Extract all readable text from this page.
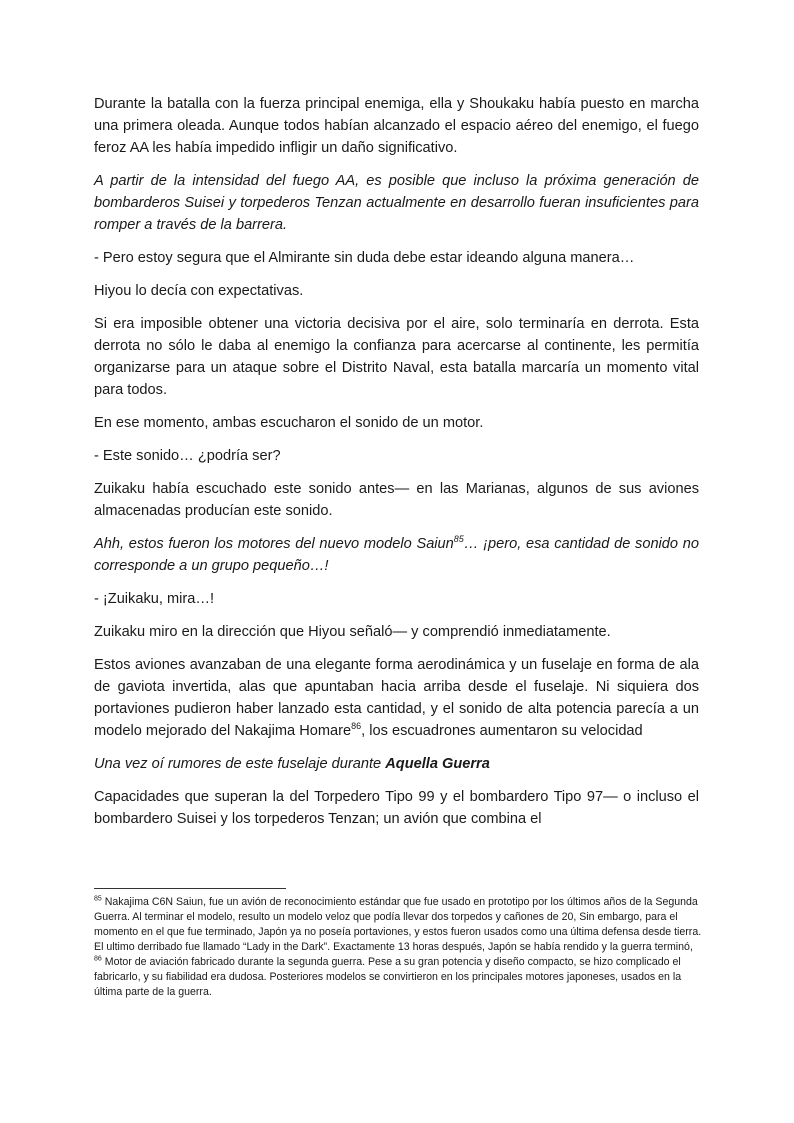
Durante la batalla con la fuerza principal enemiga, ella y Shoukaku había puesto en marcha una primera oleada. Aunque todos habían alcanzado el espacio aéreo del enemigo, el fuego feroz AA les había impedido infligir un daño significativo.

A partir de la intensidad del fuego AA, es posible que incluso la próxima generación de bombarderos Suisei y torpederos Tenzan actualmente en desarrollo fueran insuficientes para romper a través de la barrera.

- Pero estoy segura que el Almirante sin duda debe estar ideando alguna manera…

Hiyou lo decía con expectativas.

Si era imposible obtener una victoria decisiva por el aire, solo terminaría en derrota. Esta derrota no sólo le daba al enemigo la confianza para acercarse al continente, les permitía organizarse para un ataque sobre el Distrito Naval, esta batalla marcaría un momento vital para todos.

En ese momento, ambas escucharon el sonido de un motor.

- Este sonido… ¿podría ser?

Zuikaku había escuchado este sonido antes— en las Marianas, algunos de sus aviones almacenadas producían este sonido.

Ahh, estos fueron los motores del nuevo modelo Saiun$^{85}$… ¡pero, esa cantidad de sonido no corresponde a un grupo pequeño…!

- ¡Zuikaku, mira…!

Zuikaku miro en la dirección que Hiyou señaló— y comprendió inmediatamente.

Estos aviones avanzaban de una elegante forma aerodinámica y un fuselaje en forma de ala de gaviota invertida, alas que apuntaban hacia arriba desde el fuselaje. Ni siquiera dos portaviones pudieron haber lanzado esta cantidad, y el sonido de alta potencia parecía a un modelo mejorado del Nakajima Homare$^{86}$, los escuadrones aumentaron su velocidad

Una vez oí rumores de este fuselaje durante Aquella Guerra

Capacidades que superan la del Torpedero Tipo 99 y el bombardero Tipo 97— o incluso el bombardero Suisei y los torpederos Tenzan; un avión que combina el

$^{85}$ Nakajima C6N Saiun, fue un avión de reconocimiento estándar que fue usado en prototipo por los últimos años de la Segunda Guerra. Al terminar el modelo, resulto un modelo veloz que podía llevar dos torpedos y cañones de 20, Sin embargo, para el momento en el que fue terminado, Japón ya no poseía portaviones, y estos fueron usados como una última defensa desde tierra. El ultimo derribado fue llamado “Lady in the Dark”. Exactamente 13 horas después, Japón se había rendido y la guerra terminó,

$^{86}$ Motor de aviación fabricado durante la segunda guerra. Pese a su gran potencia y diseño compacto, se hizo complicado el fabricarlo, y su fiabilidad era dudosa. Posteriores modelos se convirtieron en los principales motores japoneses, usados en la última parte de la guerra.
